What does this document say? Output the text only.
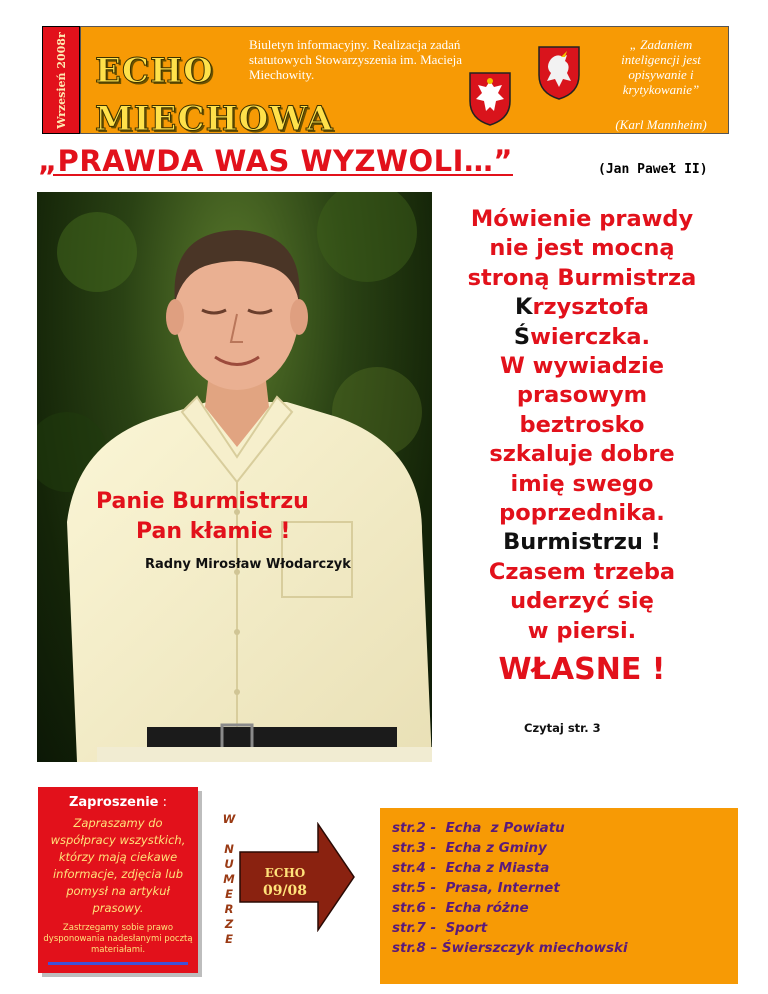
Wrzesień 2008r ECHO
MIECHOWA
Biuletyn informacyjny. Realizacja zadań statutowych Stowarzyszenia im. Macieja Miechowity.
„ Zadaniem inteligencji jest opisywanie i krytykowanie”
(Karl Mannheim)
„PRAWDA WAS WYZWOLI…”	(Jan Paweł II)
Panie Burmistrzu
Pan kłamie !
Radny Mirosław Włodarczyk
Mówienie prawdy
nie jest mocną
stroną Burmistrza
Krzysztofa
Świerczka.
W wywiadzie
prasowym
beztrosko
szkaluje dobre
imię swego
poprzednika.
Burmistrzu !
Czasem trzeba
uderzyć się
w piersi.
WŁASNE !
Czytaj str. 3
Zaproszenie :
Zapraszamy do współpracy wszystkich, którzy mają ciekawe informacje, zdjęcia lub pomysł na artykuł prasowy.
Zastrzegamy sobie prawo dysponowania nadesłanymi pocztą materiałami.
W
N
U
M
E
R
Z
E
ECHO
09/08
str.2 -  Echa  z Powiatu
str.3 -  Echa z Gminy
str.4 -  Echa z Miasta
str.5 -  Prasa, Internet
str.6 -  Echa różne
str.7 -  Sport
str.8 – Świerszczyk miechowski
